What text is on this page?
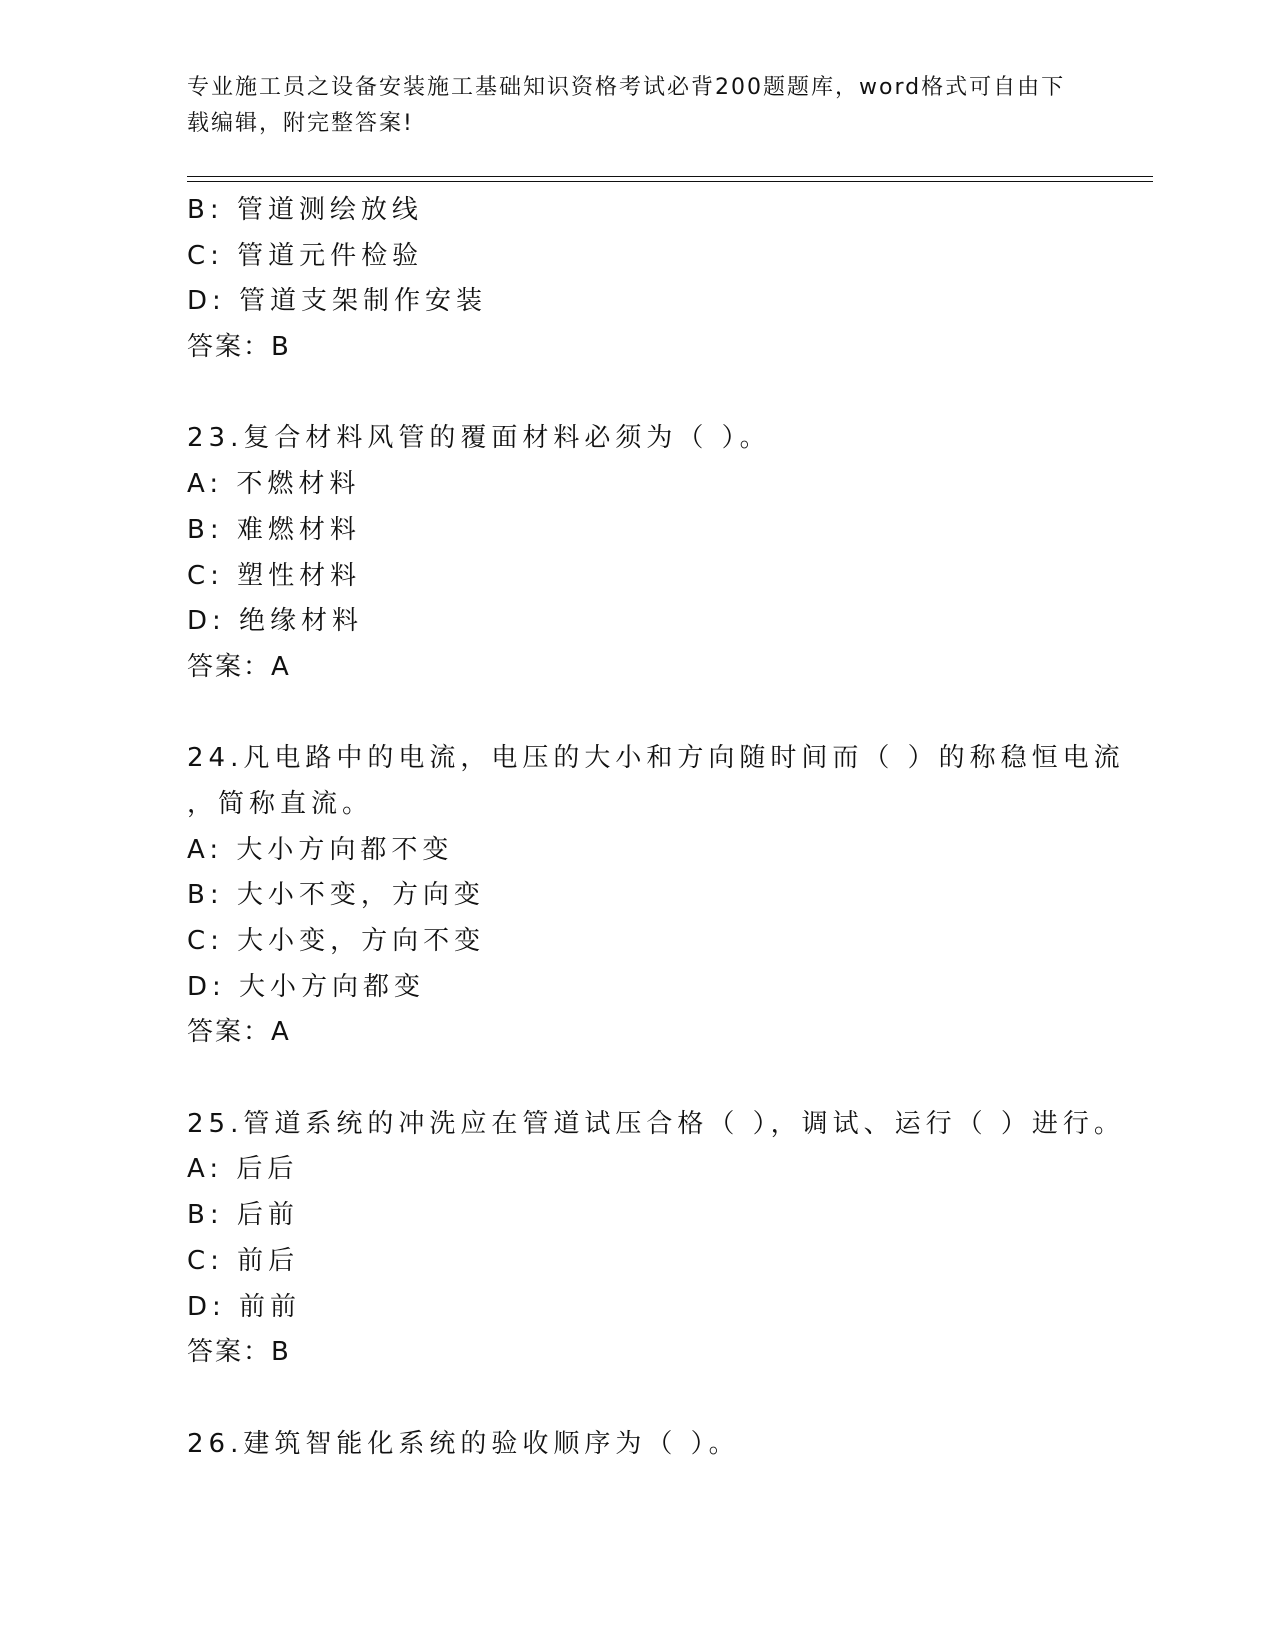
专业施工员之设备安装施工基础知识资格考试必背200题题库，word格式可自由下载编辑，附完整答案!
B: 管道测绘放线
C: 管道元件检验
D: 管道支架制作安装
答案：B
23.复合材料风管的覆面材料必须为（ ）。
A: 不燃材料
B: 难燃材料
C: 塑性材料
D: 绝缘材料
答案：A
24.凡电路中的电流，电压的大小和方向随时间而（ ）的称稳恒电流
，简称直流。
A: 大小方向都不变
B: 大小不变，方向变
C: 大小变，方向不变
D: 大小方向都变
答案：A
25.管道系统的冲洗应在管道试压合格（ ），调试、运行（ ）进行。
A: 后后
B: 后前
C: 前后
D: 前前
答案：B
26.建筑智能化系统的验收顺序为（ ）。
